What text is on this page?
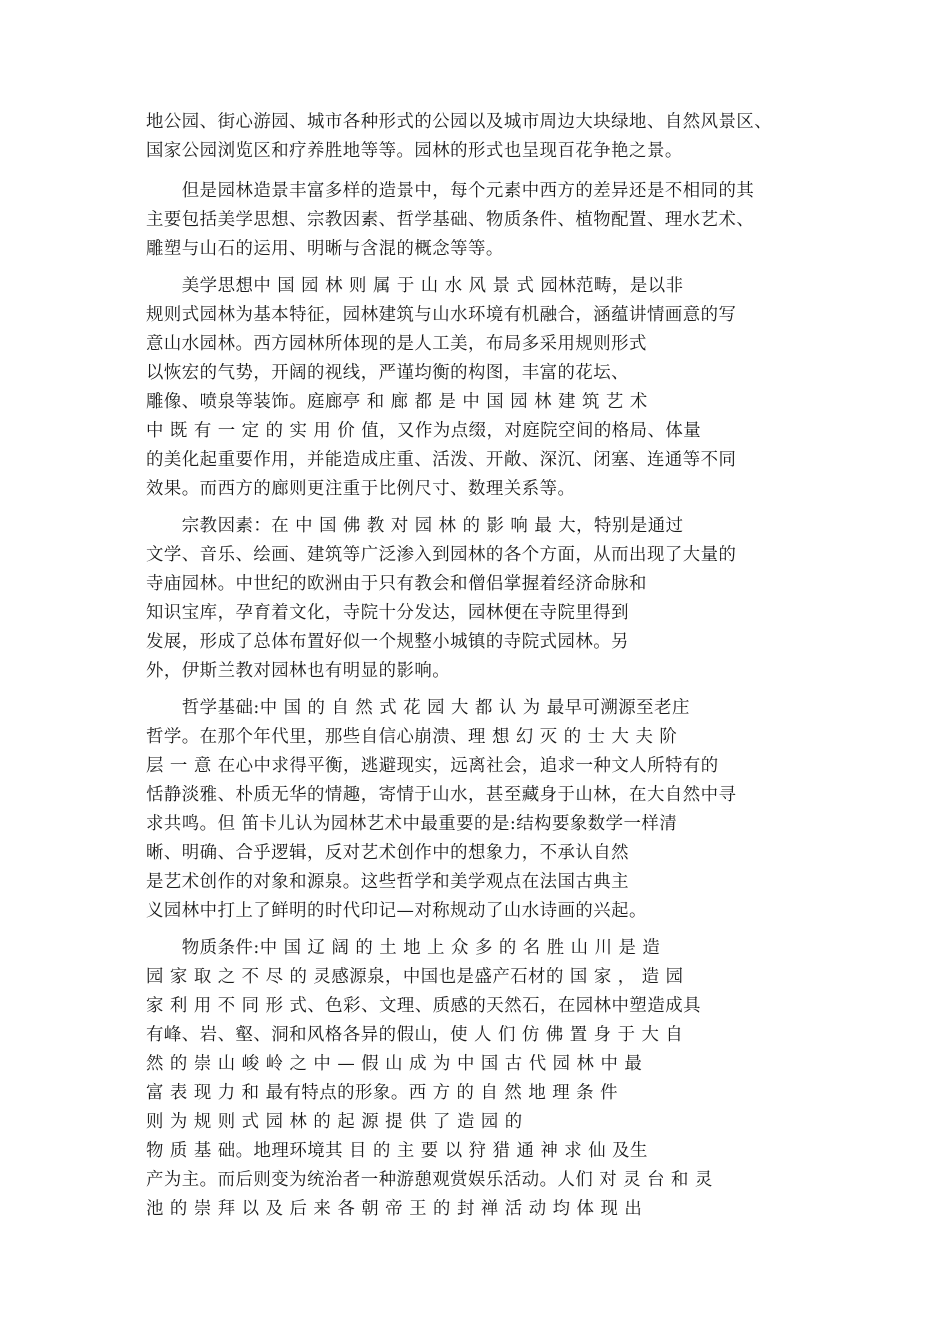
地公园、街心游园、城市各种形式的公园以及城市周边大块绿地、自然风景区、
国家公园浏览区和疗养胜地等等。园林的形式也呈现百花争艳之景。
　　但是园林造景丰富多样的造景中，每个元素中西方的差异还是不相同的其
主要包括美学思想、宗教因素、哲学基础、物质条件、植物配置、理水艺术、
雕塑与山石的运用、明晰与含混的概念等等。
　　美学思想中 国 园 林 则 属 于 山 水 风 景 式 园林范畴，是以非
规则式园林为基本特征，园林建筑与山水环境有机融合，涵蕴讲情画意的写
意山水园林。西方园林所体现的是人工美，布局多采用规则形式
以恢宏的气势，开阔的视线，严谨均衡的构图，丰富的花坛、
雕像、喷泉等装饰。庭廊亭 和 廊 都 是 中 国 园 林 建 筑 艺 术
中 既 有 一 定 的 实 用 价 值，又作为点缀，对庭院空间的格局、体量
的美化起重要作用，并能造成庄重、活泼、开敞、深沉、闭塞、连通等不同
效果。而西方的廊则更注重于比例尺寸、数理关系等。
　　宗教因素：在 中 国 佛 教 对 园 林 的 影 响 最 大，特别是通过
文学、音乐、绘画、建筑等广泛渗入到园林的各个方面，从而出现了大量的
寺庙园林。中世纪的欧洲由于只有教会和僧侣掌握着经济命脉和
知识宝库，孕育着文化，寺院十分发达，园林便在寺院里得到
发展，形成了总体布置好似一个规整小城镇的寺院式园林。另
外，伊斯兰教对园林也有明显的影响。
　　哲学基础:中 国 的 自 然 式 花 园 大 都 认 为 最早可溯源至老庄
哲学。在那个年代里，那些自信心崩溃、理 想 幻 灭 的 士 大 夫 阶
层 一 意 在心中求得平衡，逃避现实，远离社会，追求一种文人所特有的
恬静淡雅、朴质无华的情趣，寄情于山水，甚至藏身于山林，在大自然中寻
求共鸣。但 笛卡儿认为园林艺术中最重要的是:结构要象数学一样清
晰、明确、合乎逻辑，反对艺术创作中的想象力，不承认自然
是艺术创作的对象和源泉。这些哲学和美学观点在法国古典主
义园林中打上了鲜明的时代印记—对称规动了山水诗画的兴起。
　　物质条件:中 国 辽 阔 的 土 地 上 众 多 的 名 胜 山 川 是 造
园 家 取 之 不 尽 的 灵感源泉，中国也是盛产石材的 国 家 ， 造 园
家 利 用 不 同 形 式、色彩、文理、质感的天然石，在园林中塑造成具
有峰、岩、壑、洞和风格各异的假山，使 人 们 仿 佛 置 身 于 大 自
然 的 崇 山 峻 岭 之 中 — 假 山 成 为 中 国 古 代 园 林 中 最
富 表 现 力 和 最有特点的形象。西 方 的 自 然 地 理 条 件
则 为 规 则 式 园 林 的 起 源 提 供 了 造 园 的
物 质 基 础。地理环境其 目 的 主 要 以 狩 猎 通 神 求 仙 及生
产为主。而后则变为统治者一种游憩观赏娱乐活动。人们 对 灵 台 和 灵
池 的 崇 拜 以 及 后 来 各 朝 帝 王 的 封 禅 活 动 均 体 现 出
